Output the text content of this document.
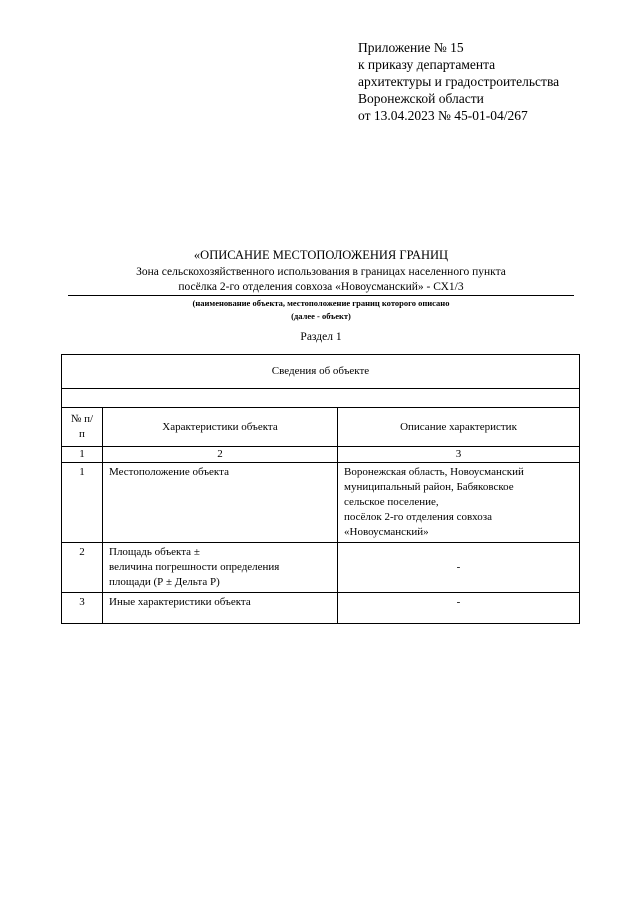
Приложение № 15
к приказу департамента
архитектуры и градостроительства
Воронежской области
от 13.04.2023 № 45-01-04/267
«ОПИСАНИЕ МЕСТОПОЛОЖЕНИЯ ГРАНИЦ
Зона сельскохозяйственного использования в границах населенного пункта
посёлка 2-го отделения совхоза «Новоусманский» - СХ1/3
(наименование объекта, местоположение границ которого описано
(далее - объект)
Раздел 1
Сведения об объекте		

№ п/п	Характеристики объекта	Описание характеристик
1	2	3
1	Местоположение объекта	Воронежская область, Новоусманский
муниципальный район, Бабяковское
сельское поселение,
посёлок 2-го отделения совхоза
«Новоусманский»

2	Площадь объекта ±
величина погрешности определения
площади (Р ± Дельта Р)	-
3	Иные характеристики объекта	-
